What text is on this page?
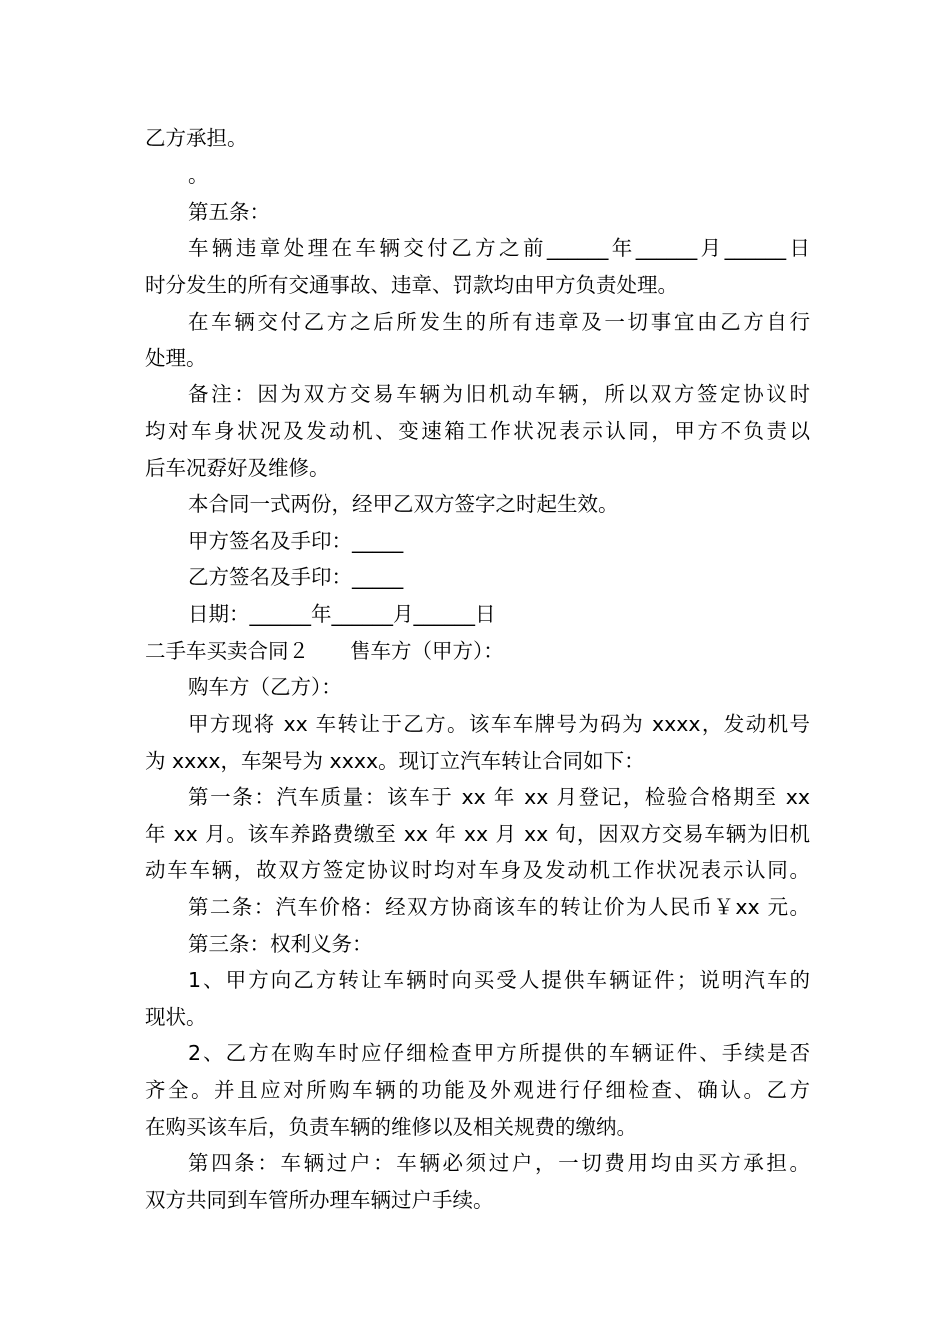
乙方承担。
。
第五条：
车辆违章处理在车辆交付乙方之前______年______月______日
时分发生的所有交通事故、违章、罚款均由甲方负责处理。
在车辆交付乙方之后所发生的所有违章及一切事宜由乙方自行
处理。
备注：因为双方交易车辆为旧机动车辆，所以双方签定协议时
均对车身状况及发动机、变速箱工作状况表示认同，甲方不负责以
后车况孬好及维修。
本合同一式两份，经甲乙双方签字之时起生效。
甲方签名及手印：_____
乙方签名及手印：_____
日期：______年______月______日
二手车买卖合同２　　售车方（甲方）：
购车方（乙方）：
甲方现将 xx 车转让于乙方。该车车牌号为码为 xxxx，发动机号
为 xxxx，车架号为 xxxx。现订立汽车转让合同如下：
第一条：汽车质量：该车于 xx 年 xx 月登记，检验合格期至 xx
年 xx 月。该车养路费缴至 xx 年 xx 月 xx 旬，因双方交易车辆为旧机
动车车辆，故双方签定协议时均对车身及发动机工作状况表示认同。
第二条：汽车价格：经双方协商该车的转让价为人民币￥xx 元。
第三条：权利义务：
1、甲方向乙方转让车辆时向买受人提供车辆证件；说明汽车的
现状。
2、乙方在购车时应仔细检查甲方所提供的车辆证件、手续是否
齐全。并且应对所购车辆的功能及外观进行仔细检查、确认。乙方
在购买该车后，负责车辆的维修以及相关规费的缴纳。
第四条：车辆过户：车辆必须过户，一切费用均由买方承担。
双方共同到车管所办理车辆过户手续。
